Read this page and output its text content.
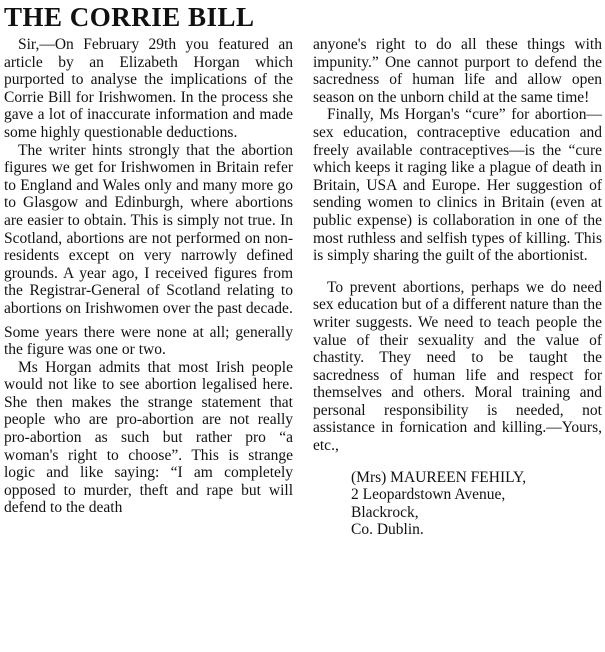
THE CORRIE BILL

Sir,—On February 29th you featured an article by an Elizabeth Horgan which purported to analyse the implications of the Corrie Bill for Irishwomen. In the process she gave a lot of inaccurate information and made some highly questionable deductions.

The writer hints strongly that the abortion figures we get for Irishwomen in Britain refer to England and Wales only and many more go to Glasgow and Edinburgh, where abortions are easier to obtain. This is simply not true. In Scotland, abortions are not performed on non-residents except on very narrowly defined grounds. A year ago, I received figures from the Registrar-General of Scotland relating to abortions on Irishwomen over the past decade.

Some years there were none at all; generally the figure was one or two.

Ms Horgan admits that most Irish people would not like to see abortion legalised here. She then makes the strange statement that people who are pro-abortion are not really pro-abortion as such but rather pro “a woman's right to choose”. This is strange logic and like saying: “I am completely opposed to murder, theft and rape but will defend to the death

anyone's right to do all these things with impunity.” One cannot purport to defend the sacredness of human life and allow open season on the unborn child at the same time!

Finally, Ms Horgan's “cure” for abortion—sex education, contraceptive education and freely available contraceptives—is the “cure which keeps it raging like a plague of death in Britain, USA and Europe. Her suggestion of sending women to clinics in Britain (even at public expense) is collaboration in one of the most ruthless and selfish types of killing. This is simply sharing the guilt of the abortionist.

To prevent abortions, perhaps we do need sex education but of a different nature than the writer suggests. We need to teach people the value of their sexuality and the value of chastity. They need to be taught the sacredness of human life and respect for themselves and others. Moral training and personal responsibility is needed, not assistance in fornication and killing.—Yours, etc.,

(Mrs) MAUREEN FEHILY,
2 Leopardstown Avenue,
Blackrock,
Co. Dublin.
